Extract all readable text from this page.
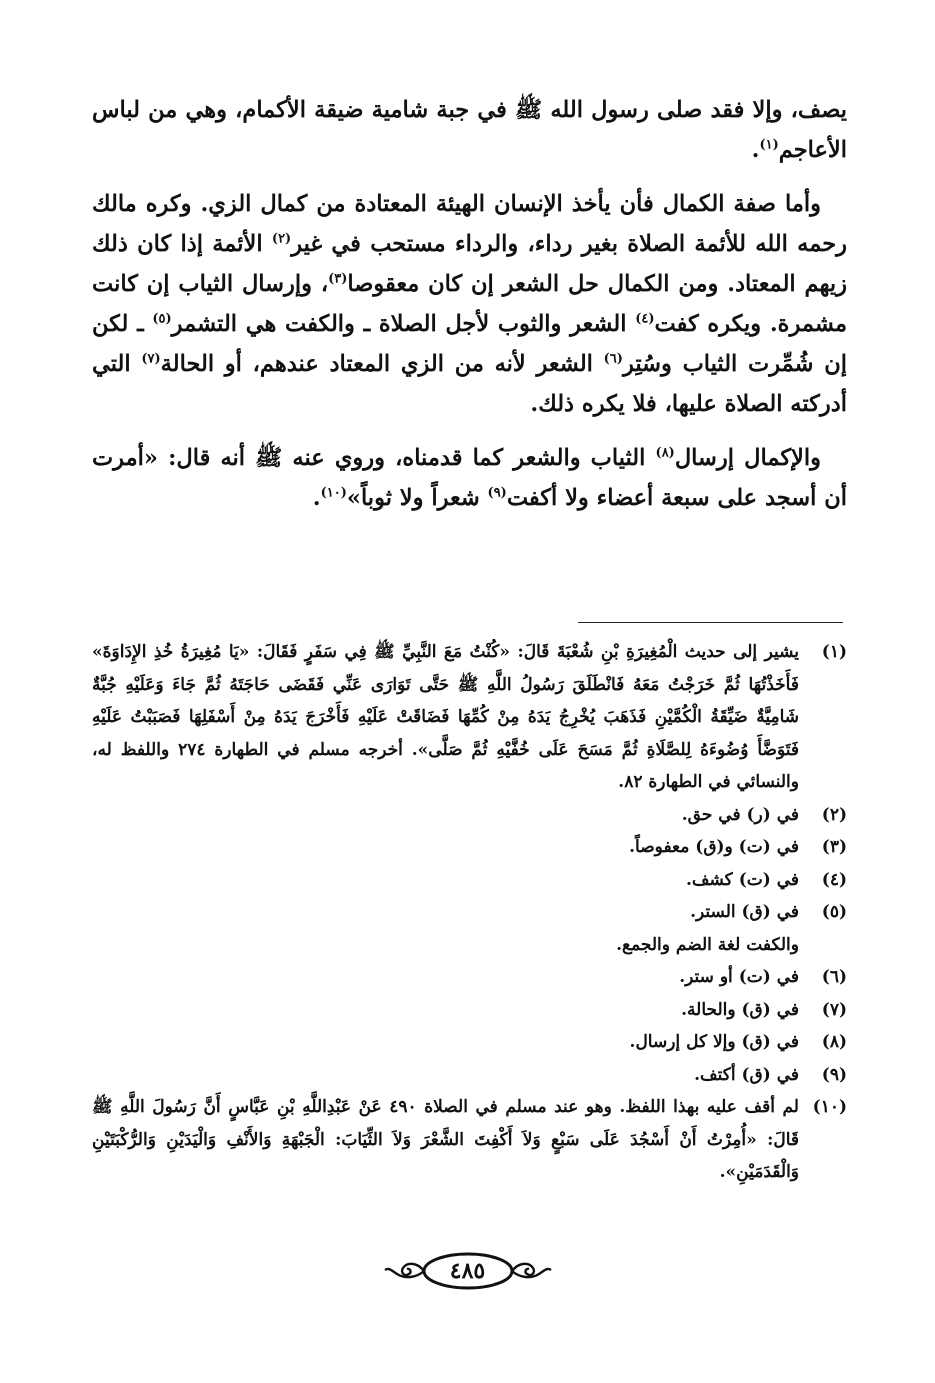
يصف، وإلا فقد صلى رسول الله ﷺ في جبة شامية ضيقة الأكمام، وهي من لباس الأعاجم$^{(١)}$.

وأما صفة الكمال فأن يأخذ الإنسان الهيئة المعتادة من كمال الزي. وكره مالك رحمه الله للأئمة الصلاة بغير رداء، والرداء مستحب في غير$^{(٢)}$ الأئمة إذا كان ذلك زيهم المعتاد. ومن الكمال حل الشعر إن كان معقوصا$^{(٣)}$، وإرسال الثياب إن كانت مشمرة. ويكره كفت$^{(٤)}$ الشعر والثوب لأجل الصلاة ـ والكفت هي التشمر$^{(٥)}$ ـ لكن إن شُمِّرت الثياب وسُتِر$^{(٦)}$ الشعر لأنه من الزي المعتاد عندهم، أو الحالة$^{(٧)}$ التي أدركته الصلاة عليها، فلا يكره ذلك.

والإكمال إرسال$^{(٨)}$ الثياب والشعر كما قدمناه، وروي عنه ﷺ أنه قال: «أمرت أن أسجد على سبعة أعضاء ولا أكفت$^{(٩)}$ شعراً ولا ثوباً»$^{(١٠)}$.

(١)
يشير إلى حديث الْمُغِيرَةِ بْنِ شُعْبَةَ قَالَ: «كُنْتُ مَعَ النَّبِيِّ ﷺ فِي سَفَرٍ فَقَالَ: «يَا مُغِيرَةُ خُذِ الإِدَاوَةَ» فَأَخَذْتُهَا ثُمَّ خَرَجْتُ مَعَهُ فَانْطَلَقَ رَسُولُ اللَّهِ ﷺ حَتَّى تَوَارَى عَنِّي فَقَضَى حَاجَتَهُ ثُمَّ جَاءَ وَعَلَيْهِ جُبَّةٌ شَامِيَّةٌ ضَيِّقَةُ الْكُمَّيْنِ فَذَهَبَ يُخْرِجُ يَدَهُ مِنْ كُمِّهَا فَضَاقَتْ عَلَيْهِ فَأَخْرَجَ يَدَهُ مِنْ أَسْفَلِهَا فَصَبَبْتُ عَلَيْهِ فَتَوَضَّأَ وُضُوءَهُ لِلصَّلَاةِ ثُمَّ مَسَحَ عَلَى خُفَّيْهِ ثُمَّ صَلَّى». أخرجه مسلم في الطهارة ٢٧٤ واللفظ له، والنسائي في الطهارة ٨٢.
(٢)
في (ر) في حق.
(٣)
في (ت) و(ق) معفوصاً.
(٤)
في (ت) كشف.
(٥)
في (ق) الستر.
والكفت لغة الضم والجمع.
(٦)
في (ت) أو ستر.
(٧)
في (ق) والحالة.
(٨)
في (ق) وإلا كل إرسال.
(٩)
في (ق) أكتف.
(١٠)
لم أقف عليه بهذا اللفظ. وهو عند مسلم في الصلاة ٤٩٠ عَنْ عَبْدِاللَّهِ بْنِ عَبَّاسٍ أَنَّ رَسُولَ اللَّهِ ﷺ قَالَ: «أُمِرْتُ أَنْ أَسْجُدَ عَلَى سَبْعٍ وَلاَ أَكْفِتَ الشَّعْرَ وَلاَ الثِّيَابَ: الْجَبْهَةِ وَالأَنْفِ وَالْيَدَيْنِ وَالرُّكْبَتَيْنِ وَالْقَدَمَيْنِ».
٤٨٥
